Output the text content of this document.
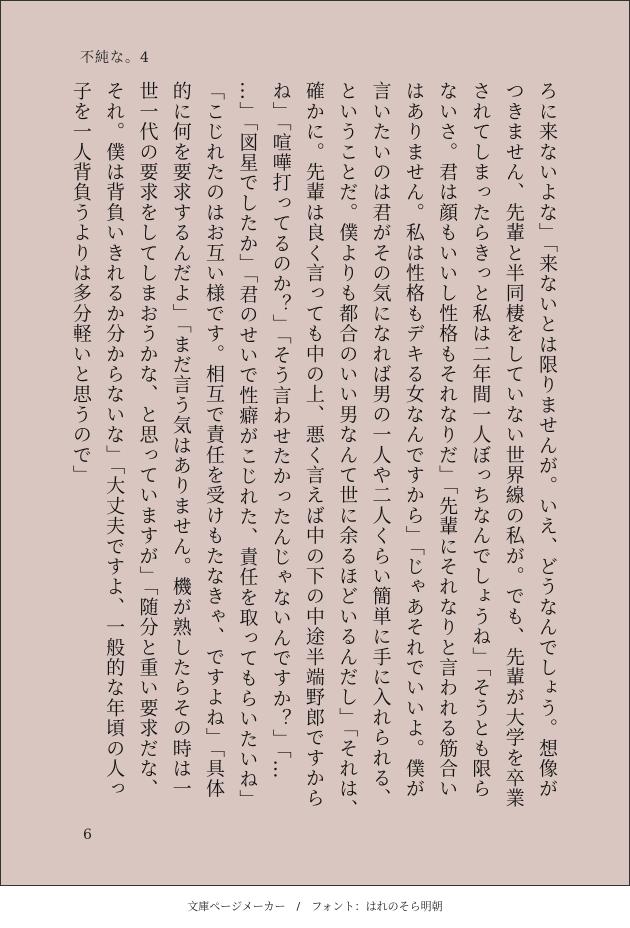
不純な。4

ろに来ないよな」「来ないとは限りませんが。いえ、どうなんでしょう。想像が
つきません、先輩と半同棲をしていない世界線の私が。でも、先輩が大学を卒業
されてしまったらきっと私は二年間一人ぼっちなんでしょうね」「そうとも限ら
ないさ。君は顔もいいし性格もそれなりだ」「先輩にそれなりと言われる筋合い
はありません。私は性格もデキる女なんですから」「じゃあそれでいいよ。僕が
言いたいのは君がその気になれば男の一人や二人くらい簡単に手に入れられる、
ということだ。僕よりも都合のいい男なんて世に余るほどいるんだし」「それは、
確かに。先輩は良く言っても中の上、悪く言えば中の下の中途半端野郎ですから
ね」「喧嘩打ってるのか？」「そう言わせたかったんじゃないんですか？」「…
…」「図星でしたか」「君のせいで性癖がこじれた、責任を取ってもらいたいね」
「こじれたのはお互い様です。相互で責任を受けもたなきゃ、ですよね」「具体
的に何を要求するんだよ」「まだ言う気はありません。機が熟したらその時は一
世一代の要求をしてしまおうかな、と思っていますが」「随分と重い要求だな、
それ。僕は背負いきれるか分からないな」「大丈夫ですよ、一般的な年頃の人っ
子を一人背負うよりは多分軽いと思うので」

6
文庫ページメーカー　/　フォント：はれのそら明朝
